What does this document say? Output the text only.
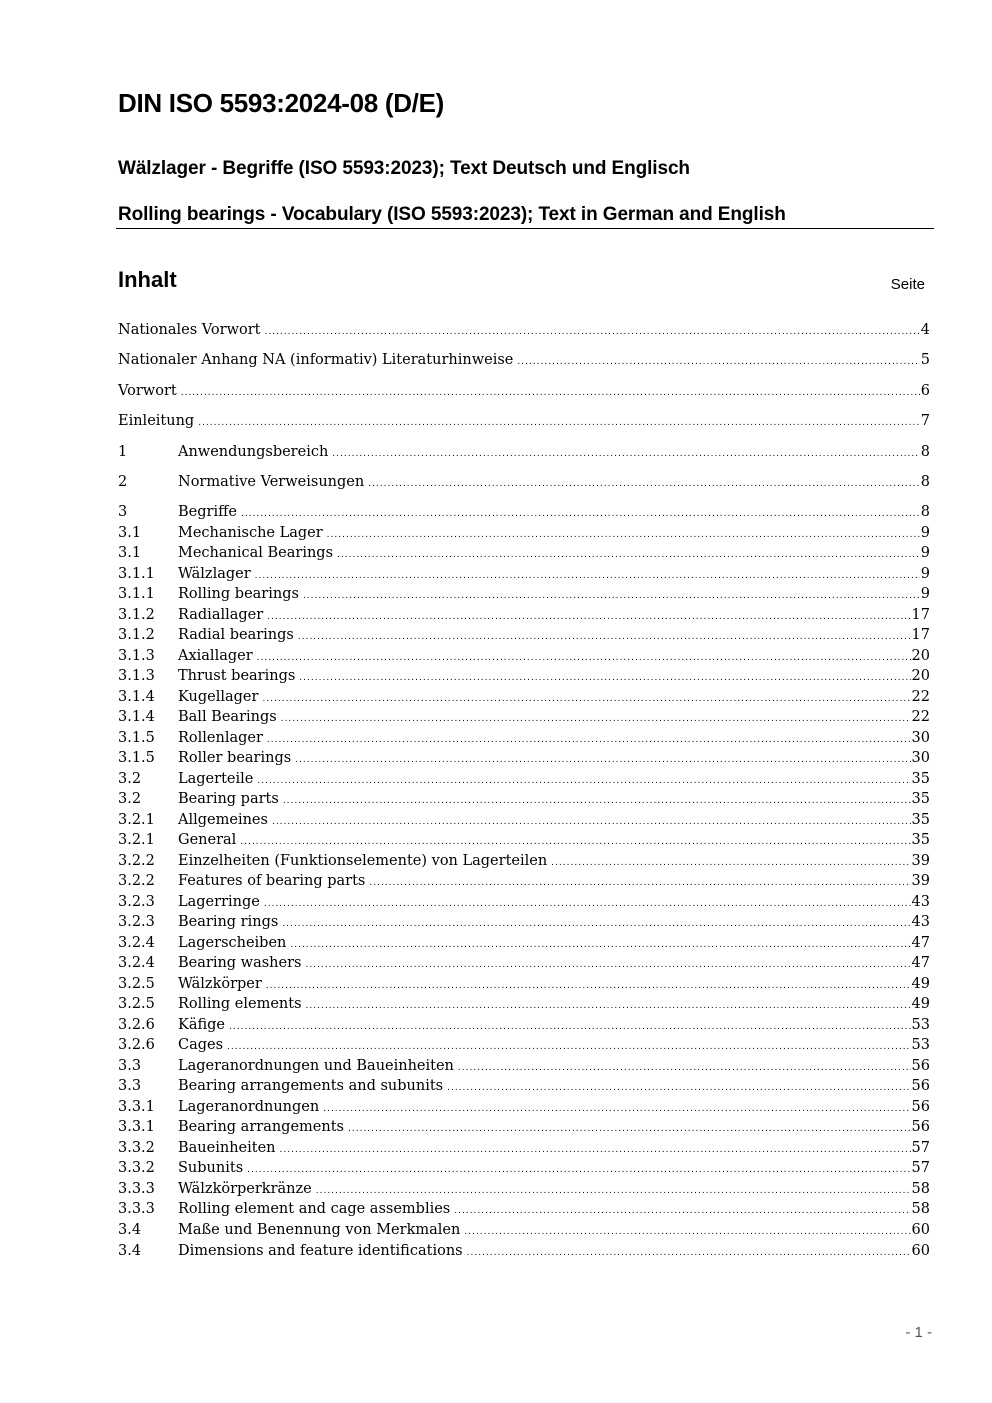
DIN ISO 5593:2024-08 (D/E)
Wälzlager - Begriffe (ISO 5593:2023); Text Deutsch und Englisch
Rolling bearings - Vocabulary (ISO 5593:2023); Text in German and English
Inhalt	Seite
Nationales Vorwort .....	4
Nationaler Anhang NA (informativ) Literaturhinweise .....	5
Vorwort .....	6
Einleitung .....	7
1	Anwendungsbereich .....	8
2	Normative Verweisungen .....	8
3	Begriffe .....	8
3.1	Mechanische Lager .....	9
3.1	Mechanical Bearings .....	9
3.1.1	Wälzlager .....	9
3.1.1	Rolling bearings .....	9
3.1.2	Radiallager .....	17
3.1.2	Radial bearings .....	17
3.1.3	Axiallager .....	20
3.1.3	Thrust bearings .....	20
3.1.4	Kugellager .....	22
3.1.4	Ball Bearings .....	22
3.1.5	Rollenlager .....	30
3.1.5	Roller bearings .....	30
3.2	Lagerteile .....	35
3.2	Bearing parts .....	35
3.2.1	Allgemeines .....	35
3.2.1	General .....	35
3.2.2	Einzelheiten (Funktionselemente) von Lagerteilen .....	39
3.2.2	Features of bearing parts .....	39
3.2.3	Lagerringe .....	43
3.2.3	Bearing rings .....	43
3.2.4	Lagerscheiben .....	47
3.2.4	Bearing washers .....	47
3.2.5	Wälzkörper .....	49
3.2.5	Rolling elements .....	49
3.2.6	Käfige .....	53
3.2.6	Cages .....	53
3.3	Lageranordnungen und Baueinheiten .....	56
3.3	Bearing arrangements and subunits .....	56
3.3.1	Lageranordnungen .....	56
3.3.1	Bearing arrangements .....	56
3.3.2	Baueinheiten .....	57
3.3.2	Subunits .....	57
3.3.3	Wälzkörperkränze .....	58
3.3.3	Rolling element and cage assemblies .....	58
3.4	Maße und Benennung von Merkmalen .....	60
3.4	Dimensions and feature identifications .....	60
- 1 -
